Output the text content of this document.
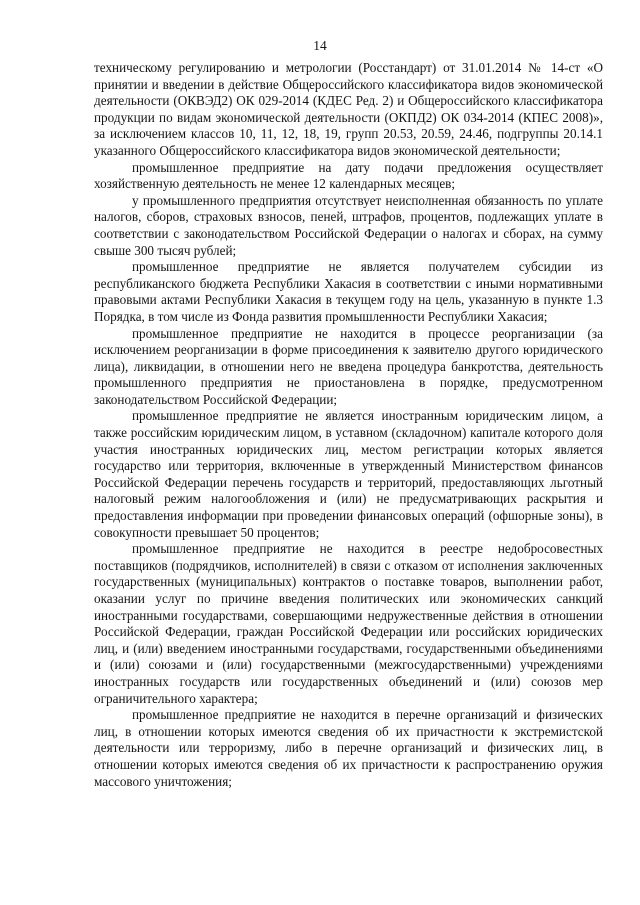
14

техническому регулированию и метрологии (Росстандарт) от 31.01.2014 № 14-ст «О принятии и введении в действие Общероссийского классификатора видов экономической деятельности (ОКВЭД2) ОК 029-2014 (КДЕС Ред. 2) и Общероссийского классификатора продукции по видам экономической деятельности (ОКПД2) ОК 034-2014 (КПЕС 2008)», за исключением классов 10, 11, 12, 18, 19, групп 20.53, 20.59, 24.46, подгруппы 20.14.1 указанного Общероссийского классификатора видов экономической деятельности;

промышленное предприятие на дату подачи предложения осуществляет хозяйственную деятельность не менее 12 календарных месяцев;

у промышленного предприятия отсутствует неисполненная обязанность по уплате налогов, сборов, страховых взносов, пеней, штрафов, процентов, подлежащих уплате в соответствии с законодательством Российской Федерации о налогах и сборах, на сумму свыше 300 тысяч рублей;

промышленное предприятие не является получателем субсидии из республиканского бюджета Республики Хакасия в соответствии с иными нормативными правовыми актами Республики Хакасия в текущем году на цель, указанную в пункте 1.3 Порядка, в том числе из Фонда развития промышленности Республики Хакасия;

промышленное предприятие не находится в процессе реорганизации (за исключением реорганизации в форме присоединения к заявителю другого юридического лица), ликвидации, в отношении него не введена процедура банкротства, деятельность промышленного предприятия не приостановлена в порядке, предусмотренном законодательством Российской Федерации;

промышленное предприятие не является иностранным юридическим лицом, а также российским юридическим лицом, в уставном (складочном) капитале которого доля участия иностранных юридических лиц, местом регистрации которых является государство или территория, включенные в утвержденный Министерством финансов Российской Федерации перечень государств и территорий, предоставляющих льготный налоговый режим налогообложения и (или) не предусматривающих раскрытия и предоставления информации при проведении финансовых операций (офшорные зоны), в совокупности превышает 50 процентов;

промышленное предприятие не находится в реестре недобросовестных поставщиков (подрядчиков, исполнителей) в связи с отказом от исполнения заключенных государственных (муниципальных) контрактов о поставке товаров, выполнении работ, оказании услуг по причине введения политических или экономических санкций иностранными государствами, совершающими недружественные действия в отношении Российской Федерации, граждан Российской Федерации или российских юридических лиц, и (или) введением иностранными государствами, государственными объединениями и (или) союзами и (или) государственными (межгосударственными) учреждениями иностранных государств или государственных объединений и (или) союзов мер ограничительного характера;

промышленное предприятие не находится в перечне организаций и физических лиц, в отношении которых имеются сведения об их причастности к экстремистской деятельности или терроризму, либо в перечне организаций и физических лиц, в отношении которых имеются сведения об их причастности к распространению оружия массового уничтожения;
